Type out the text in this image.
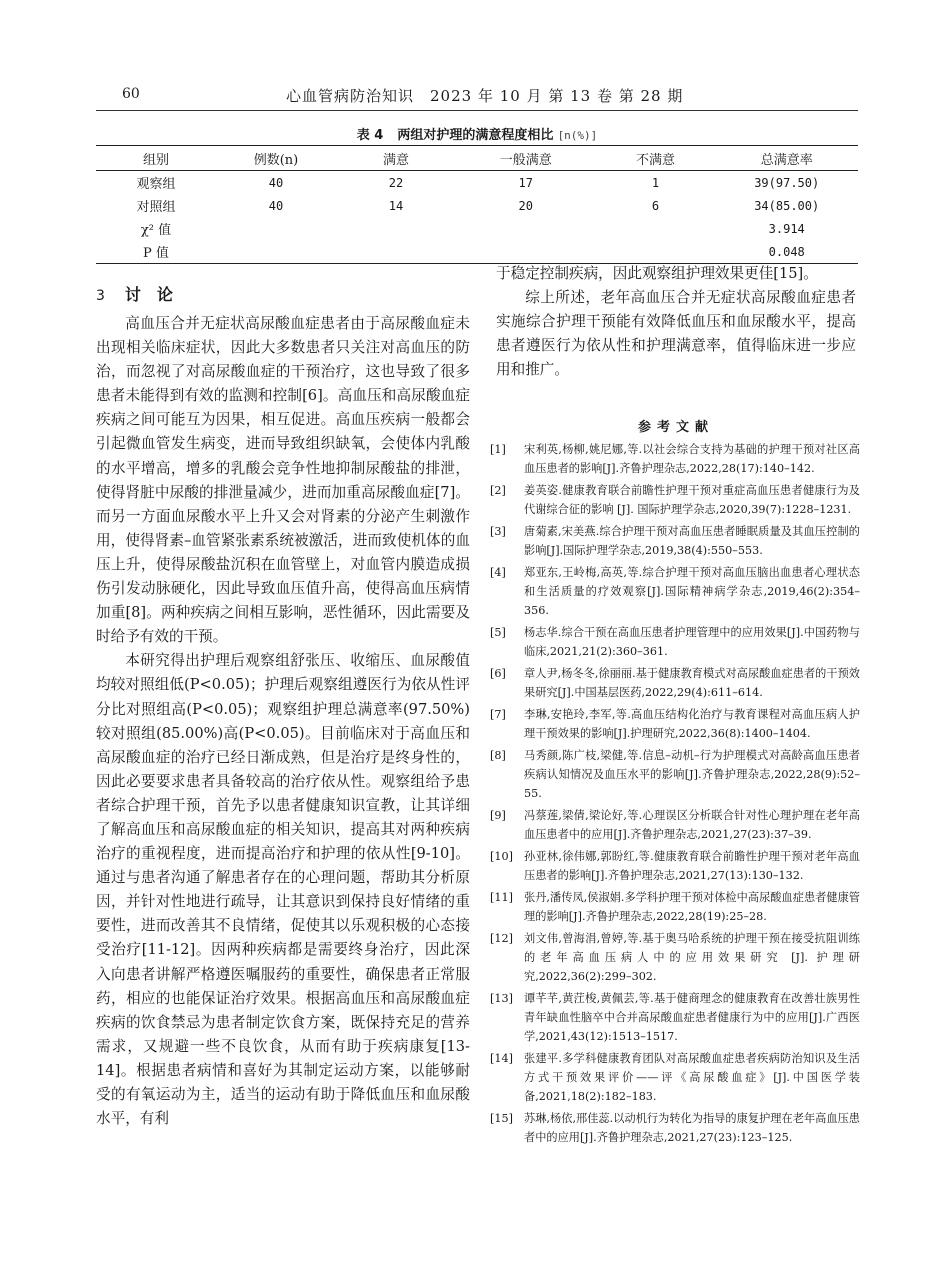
60	心血管病防治知识　2023 年 10 月 第 13 卷 第 28 期
表 4 两组对护理的满意程度相比 [n(%)]
组别	例数(n)	满意	一般满意	不满意	总满意率
观察组	40	22	17	1	39(97.50)
对照组	40	14	20	6	34(85.00)
χ² 值					3.914
P 值					0.048
3 讨　论

高血压合并无症状高尿酸血症患者由于高尿酸血症未出现相关临床症状，因此大多数患者只关注对高血压的防治，而忽视了对高尿酸血症的干预治疗，这也导致了很多患者未能得到有效的监测和控制[6]。高血压和高尿酸血症疾病之间可能互为因果，相互促进。高血压疾病一般都会引起微血管发生病变，进而导致组织缺氧，会使体内乳酸的水平增高，增多的乳酸会竞争性地抑制尿酸盐的排泄，使得肾脏中尿酸的排泄量减少，进而加重高尿酸血症[7]。而另一方面血尿酸水平上升又会对肾素的分泌产生刺激作用，使得肾素–血管紧张素系统被激活，进而致使机体的血压上升，使得尿酸盐沉积在血管壁上，对血管内膜造成损伤引发动脉硬化，因此导致血压值升高，使得高血压病情加重[8]。两种疾病之间相互影响，恶性循环，因此需要及时给予有效的干预。

本研究得出护理后观察组舒张压、收缩压、血尿酸值均较对照组低(P<0.05)；护理后观察组遵医行为依从性评分比对照组高(P<0.05)；观察组护理总满意率(97.50%)较对照组(85.00%)高(P<0.05)。目前临床对于高血压和高尿酸血症的治疗已经日渐成熟，但是治疗是终身性的，因此必要要求患者具备较高的治疗依从性。观察组给予患者综合护理干预，首先予以患者健康知识宣教，让其详细了解高血压和高尿酸血症的相关知识，提高其对两种疾病治疗的重视程度，进而提高治疗和护理的依从性[9-10]。通过与患者沟通了解患者存在的心理问题，帮助其分析原因，并针对性地进行疏导，让其意识到保持良好情绪的重要性，进而改善其不良情绪，促使其以乐观积极的心态接受治疗[11-12]。因两种疾病都是需要终身治疗，因此深入向患者讲解严格遵医嘱服药的重要性，确保患者正常服药，相应的也能保证治疗效果。根据高血压和高尿酸血症疾病的饮食禁忌为患者制定饮食方案，既保持充足的营养需求，又规避一些不良饮食，从而有助于疾病康复[13-14]。根据患者病情和喜好为其制定运动方案，以能够耐受的有氧运动为主，适当的运动有助于降低血压和血尿酸水平，有利

于稳定控制疾病，因此观察组护理效果更佳[15]。

综上所述，老年高血压合并无症状高尿酸血症患者实施综合护理干预能有效降低血压和血尿酸水平，提高患者遵医行为依从性和护理满意率，值得临床进一步应用和推广。

参考文献
[1] 宋利英,杨柳,姚尼娜,等.以社会综合支持为基础的护理干预对社区高血压患者的影响[J].齐鲁护理杂志,2022,28(17):140–142.
[2] 姜英姿.健康教育联合前瞻性护理干预对重症高血压患者健康行为及代谢综合征的影响 [J]. 国际护理学杂志,2020,39(7):1228–1231.
[3] 唐菊素,宋美燕.综合护理干预对高血压患者睡眠质量及其血压控制的影响[J].国际护理学杂志,2019,38(4):550–553.
[4] 郑亚东,王岭梅,高英,等.综合护理干预对高血压脑出血患者心理状态和生活质量的疗效观察[J].国际精神病学杂志,2019,46(2):354–356.
[5] 杨志华.综合干预在高血压患者护理管理中的应用效果[J].中国药物与临床,2021,21(2):360–361.
[6] 章人尹,杨冬冬,徐丽丽.基于健康教育模式对高尿酸血症患者的干预效果研究[J].中国基层医药,2022,29(4):611–614.
[7] 李琳,安艳玲,李军,等.高血压结构化治疗与教育课程对高血压病人护理干预效果的影响[J].护理研究,2022,36(8):1400–1404.
[8] 马秀颜,陈广枝,梁健,等.信息–动机–行为护理模式对高龄高血压患者疾病认知情况及血压水平的影响[J].齐鲁护理杂志,2022,28(9):52–55.
[9] 冯蔡莲,梁倩,梁论好,等.心理误区分析联合针对性心理护理在老年高血压患者中的应用[J].齐鲁护理杂志,2021,27(23):37–39.
[10] 孙亚林,徐伟娜,郭盼红,等.健康教育联合前瞻性护理干预对老年高血压患者的影响[J].齐鲁护理杂志,2021,27(13):130–132.
[11] 张丹,潘传凤,侯淑娟.多学科护理干预对体检中高尿酸血症患者健康管理的影响[J].齐鲁护理杂志,2022,28(19):25–28.
[12] 刘文伟,曾海涓,曾婷,等.基于奥马哈系统的护理干预在接受抗阻训练的老年高血压病人中的应用效果研究 [J]. 护理研究,2022,36(2):299–302.
[13] 谭芊芊,黄茳梭,黄佩芸,等.基于健商理念的健康教育在改善壮族男性青年缺血性脑卒中合并高尿酸血症患者健康行为中的应用[J].广西医学,2021,43(12):1513–1517.
[14] 张建平.多学科健康教育团队对高尿酸血症患者疾病防治知识及生活方式干预效果评价——评《高尿酸血症》[J].中国医学装备,2021,18(2):182–183.
[15] 苏琳,杨依,邢佳蕊.以动机行为转化为指导的康复护理在老年高血压患者中的应用[J].齐鲁护理杂志,2021,27(23):123–125.
